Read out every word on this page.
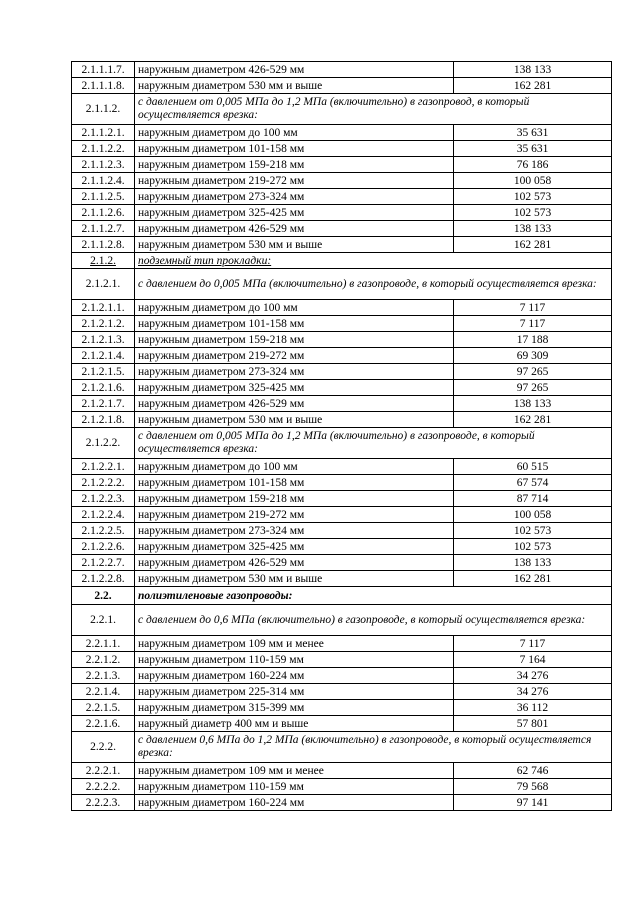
2.1.1.1.7.	наружным диаметром 426-529 мм	138 133
2.1.1.1.8.	наружным диаметром 530 мм и выше	162 281
2.1.1.2.	с давлением от 0,005 МПа до 1,2 МПа (включительно) в газопровод, в который осуществляется врезка:	
2.1.1.2.1.	наружным диаметром до 100 мм	35 631
2.1.1.2.2.	наружным диаметром 101-158 мм	35 631
2.1.1.2.3.	наружным диаметром 159-218 мм	76 186
2.1.1.2.4.	наружным диаметром 219-272 мм	100 058
2.1.1.2.5.	наружным диаметром 273-324 мм	102 573
2.1.1.2.6.	наружным диаметром 325-425 мм	102 573
2.1.1.2.7.	наружным диаметром 426-529 мм	138 133
2.1.1.2.8.	наружным диаметром 530 мм и выше	162 281
2.1.2.	подземный тип прокладки:	
2.1.2.1.	с давлением до 0,005 МПа (включительно) в газопроводе, в который осуществляется врезка:	
2.1.2.1.1.	наружным диаметром до 100 мм	7 117
2.1.2.1.2.	наружным диаметром 101-158 мм	7 117
2.1.2.1.3.	наружным диаметром 159-218 мм	17 188
2.1.2.1.4.	наружным диаметром 219-272 мм	69 309
2.1.2.1.5.	наружным диаметром 273-324 мм	97 265
2.1.2.1.6.	наружным диаметром 325-425 мм	97 265
2.1.2.1.7.	наружным диаметром 426-529 мм	138 133
2.1.2.1.8.	наружным диаметром 530 мм и выше	162 281
2.1.2.2.	с давлением от 0,005 МПа до 1,2 МПа (включительно) в газопроводе, в который осуществляется врезка:	
2.1.2.2.1.	наружным диаметром до 100 мм	60 515
2.1.2.2.2.	наружным диаметром 101-158 мм	67 574
2.1.2.2.3.	наружным диаметром 159-218 мм	87 714
2.1.2.2.4.	наружным диаметром 219-272 мм	100 058
2.1.2.2.5.	наружным диаметром 273-324 мм	102 573
2.1.2.2.6.	наружным диаметром 325-425 мм	102 573
2.1.2.2.7.	наружным диаметром 426-529 мм	138 133
2.1.2.2.8.	наружным диаметром 530 мм и выше	162 281
2.2.	полиэтиленовые газопроводы:	
2.2.1.	с давлением до 0,6 МПа (включительно) в газопроводе, в который осуществляется врезка:	
2.2.1.1.	наружным диаметром 109 мм и менее	7 117
2.2.1.2.	наружным диаметром 110-159 мм	7 164
2.2.1.3.	наружным диаметром 160-224 мм	34 276
2.2.1.4.	наружным диаметром 225-314 мм	34 276
2.2.1.5.	наружным диаметром 315-399 мм	36 112
2.2.1.6.	наружный диаметр 400 мм и выше	57 801
2.2.2.	с давлением 0,6 МПа до 1,2 МПа (включительно) в газопроводе, в который осуществляется врезка:	
2.2.2.1.	наружным диаметром 109 мм и менее	62 746
2.2.2.2.	наружным диаметром 110-159 мм	79 568
2.2.2.3.	наружным диаметром 160-224 мм	97 141
